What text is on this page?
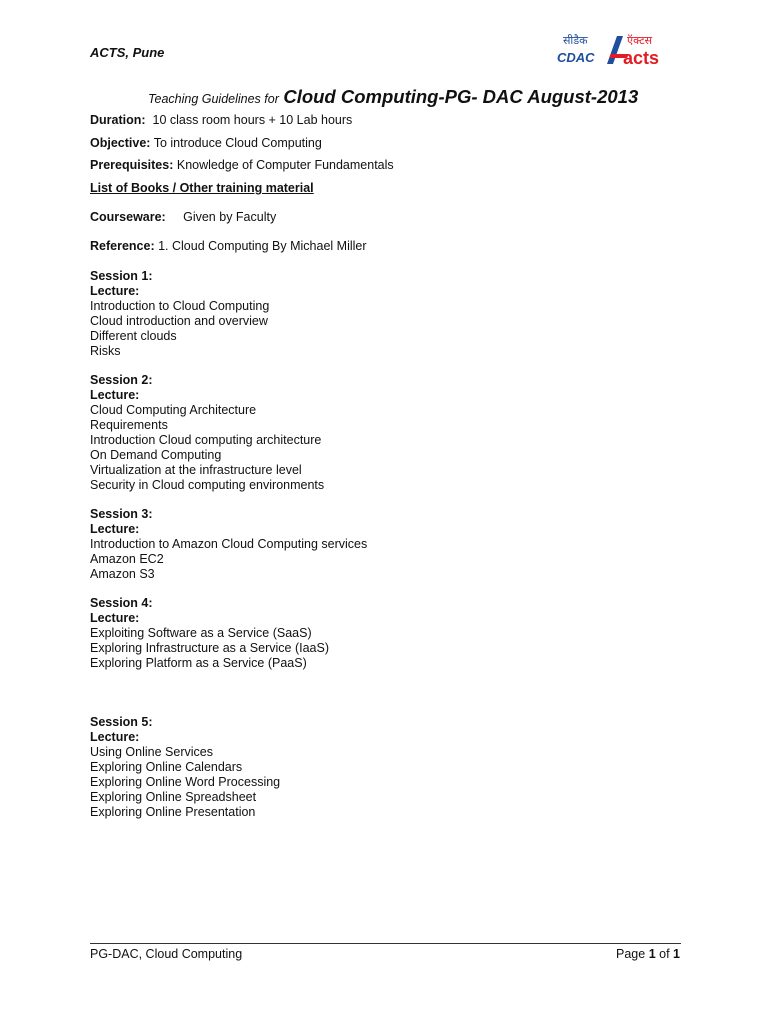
ACTS, Pune
सीडैक
CDAC
ऍक्टस
acts
Teaching Guidelines for Cloud Computing-PG- DAC August-2013
Duration: 10 class room hours + 10 Lab hours
Objective: To introduce Cloud Computing
Prerequisites: Knowledge of Computer Fundamentals
List of Books / Other training material
Courseware: Given by Faculty
Reference: 1. Cloud Computing By Michael Miller
Session 1:
Lecture:
Introduction to Cloud Computing
Cloud introduction and overview
Different clouds
Risks
Session 2:
Lecture:
Cloud Computing Architecture
Requirements
Introduction Cloud computing architecture
On Demand Computing
Virtualization at the infrastructure level
Security in Cloud computing environments
Session 3:
Lecture:
Introduction to Amazon Cloud Computing services
Amazon EC2
Amazon S3
Session 4:
Lecture:
Exploiting Software as a Service (SaaS)
Exploring Infrastructure as a Service (IaaS)
Exploring Platform as a Service (PaaS)
Session 5:
Lecture:
Using Online Services
Exploring Online Calendars
Exploring Online Word Processing
Exploring Online Spreadsheet
Exploring Online Presentation
PG-DAC, Cloud Computing	Page 1 of 1
